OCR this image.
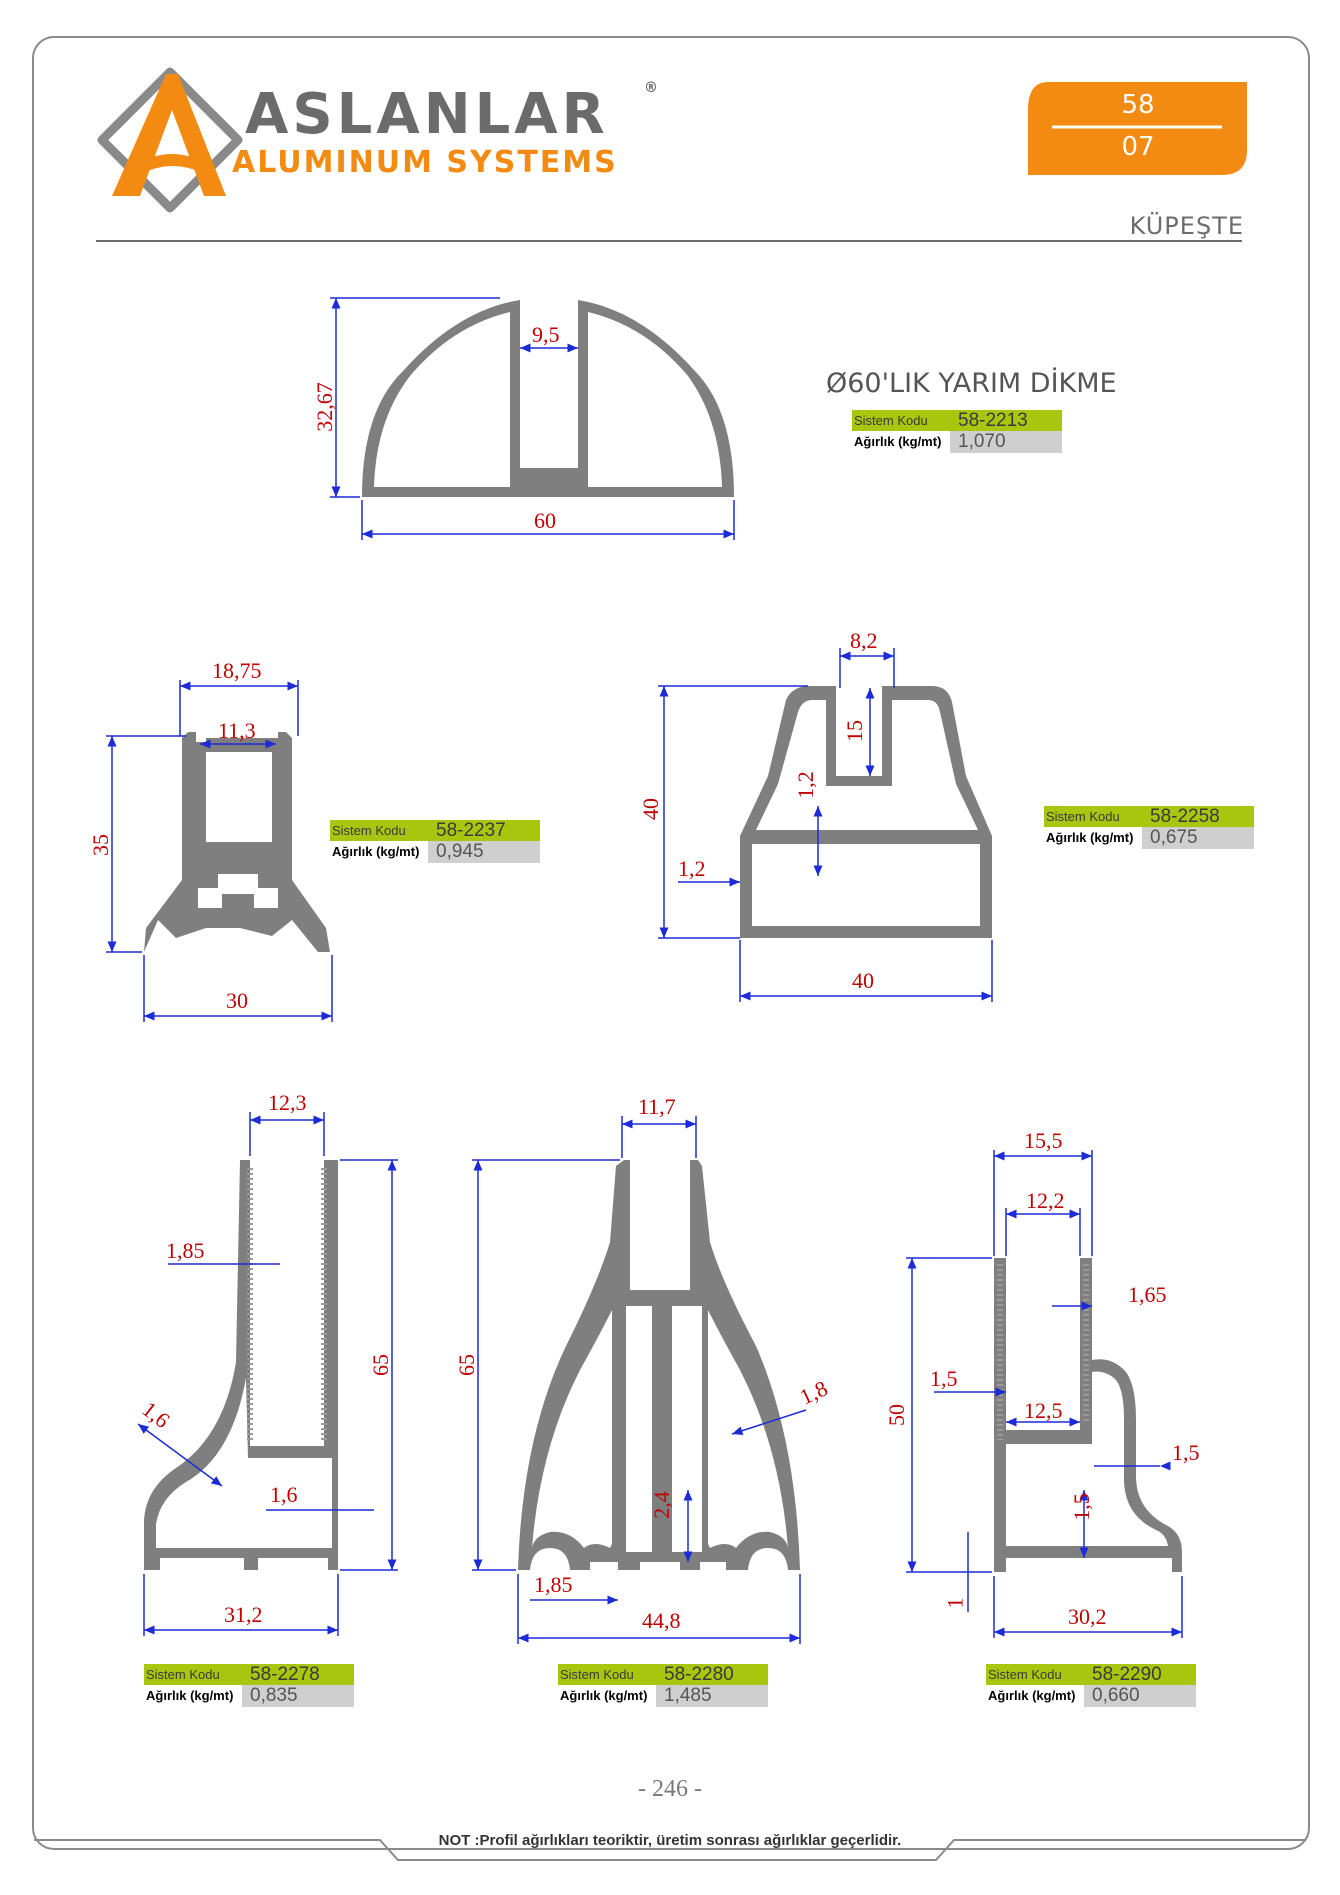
ASLANLAR
ALUMINUM SYSTEMS
®
58
07
KÜPEŞTE
Ø60'LIK YARIM DİKME
Sistem Kodu	58-2213
Ağırlık (kg/mt) 1,070
Sistem Kodu	58-2237
Ağırlık (kg/mt) 0,945
Sistem Kodu	58-2258
Ağırlık (kg/mt) 0,675
Sistem Kodu	58-2278
Ağırlık (kg/mt) 0,835
Sistem Kodu	58-2280
Ağırlık (kg/mt) 1,485
Sistem Kodu	58-2290
Ağırlık (kg/mt) 0,660
32,67
9,5
60
18,75
11,3
35
30
8,2
15
1,2
40
1,2
40
12,3
1,85
65
1,6
1,6
31,2
11,7
65
1,8
2,4
1,85
44,8
15,5
12,2
1,65
1,5
50	12,5
1,5
1,5
1
30,2
- 246 -
NOT :Profil ağırlıkları teoriktir, üretim sonrası ağırlıklar geçerlidir.
